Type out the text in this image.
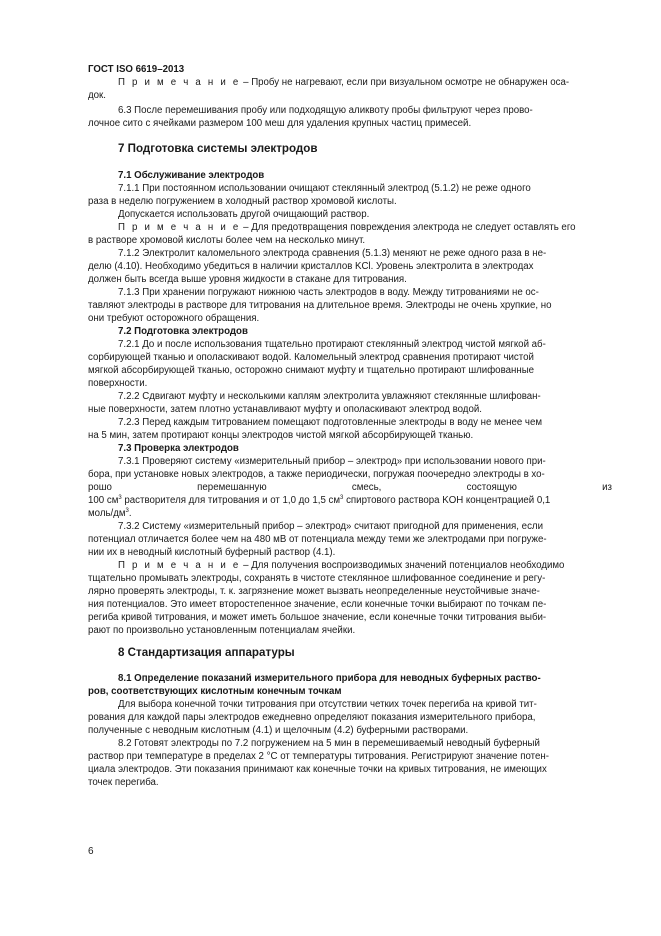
ГОСТ ISO 6619–2013
П р и м е ч а н и е – Пробу не нагревают, если при визуальном осмотре не обнаружен оса-
док.
6.3 После перемешивания пробу или подходящую аликвоту пробы фильтруют через прово-
лочное сито с ячейками размером 100 меш для удаления крупных частиц примесей.
7 Подготовка системы электродов
7.1 Обслуживание электродов
7.1.1 При постоянном использовании очищают стеклянный электрод (5.1.2) не реже одного
раза в неделю погружением в холодный раствор хромовой кислоты.
Допускается использовать другой очищающий раствор.
П р и м е ч а н и е – Для предотвращения повреждения электрода не следует оставлять его
в растворе хромовой кислоты более чем на несколько минут.
7.1.2 Электролит каломельного электрода сравнения (5.1.3) меняют не реже одного раза в не-
делю (4.10). Необходимо убедиться в наличии кристаллов KCl. Уровень электролита в электродах
должен быть всегда выше уровня жидкости в стакане для титрования.
7.1.3 При хранении погружают нижнюю часть электродов в воду. Между титрованиями не ос-
тавляют электроды в растворе для титрования на длительное время. Электроды не очень хрупкие, но
они требуют осторожного обращения.
7.2 Подготовка электродов
7.2.1 До и после использования тщательно протирают стеклянный электрод чистой мягкой аб-
сорбирующей тканью и ополаскивают водой. Каломельный электрод сравнения протирают чистой
мягкой абсорбирующей тканью, осторожно снимают муфту и тщательно протирают шлифованные
поверхности.
7.2.2 Сдвигают муфту и несколькими каплям электролита увлажняют стеклянные шлифован-
ные поверхности, затем плотно устанавливают муфту и ополаскивают электрод водой.
7.2.3 Перед каждым титрованием помещают подготовленные электроды в воду не менее чем
на 5 мин, затем протирают концы электродов чистой мягкой абсорбирующей тканью.
7.3 Проверка электродов
7.3.1 Проверяют систему «измерительный прибор – электрод» при использовании нового при-
бора, при установке новых электродов, а также периодически, погружая поочередно электроды в хо-
рошо	перемешанную	смесь,	состоящую	из
100 $см^3$ растворителя для титрования и от 1,0 до 1,5 $см^3$ спиртового раствора KOH концентрацией 0,1
моль/$дм^3$.
7.3.2 Систему «измерительный прибор – электрод» считают пригодной для применения, если
потенциал отличается более чем на 480 мВ от потенциала между теми же электродами при погруже-
нии их в неводный кислотный буферный раствор (4.1).
П р и м е ч а н и е – Для получения воспроизводимых значений потенциалов необходимо
тщательно промывать электроды, сохранять в чистоте стеклянное шлифованное соединение и регу-
лярно проверять электроды, т. к. загрязнение может вызвать неопределенные неустойчивые значе-
ния потенциалов. Это имеет второстепенное значение, если конечные точки выбирают по точкам пе-
региба кривой титрования, и может иметь большое значение, если конечные точки титрования выби-
рают по произвольно установленным потенциалам ячейки.
8 Стандартизация аппаратуры
8.1 Определение показаний измерительного прибора для неводных буферных раство-
ров, соответствующих кислотным конечным точкам
Для выбора конечной точки титрования при отсутствии четких точек перегиба на кривой тит-
рования для каждой пары электродов ежедневно определяют показания измерительного прибора,
полученные с неводным кислотным (4.1) и щелочным (4.2) буферными растворами.
8.2 Готовят электроды по 7.2 погружением на 5 мин в перемешиваемый неводный буферный
раствор при температуре в пределах 2 °С от температуры титрования. Регистрируют значение потен-
циала электродов. Эти показания принимают как конечные точки на кривых титрования, не имеющих
точек перегиба.
6
